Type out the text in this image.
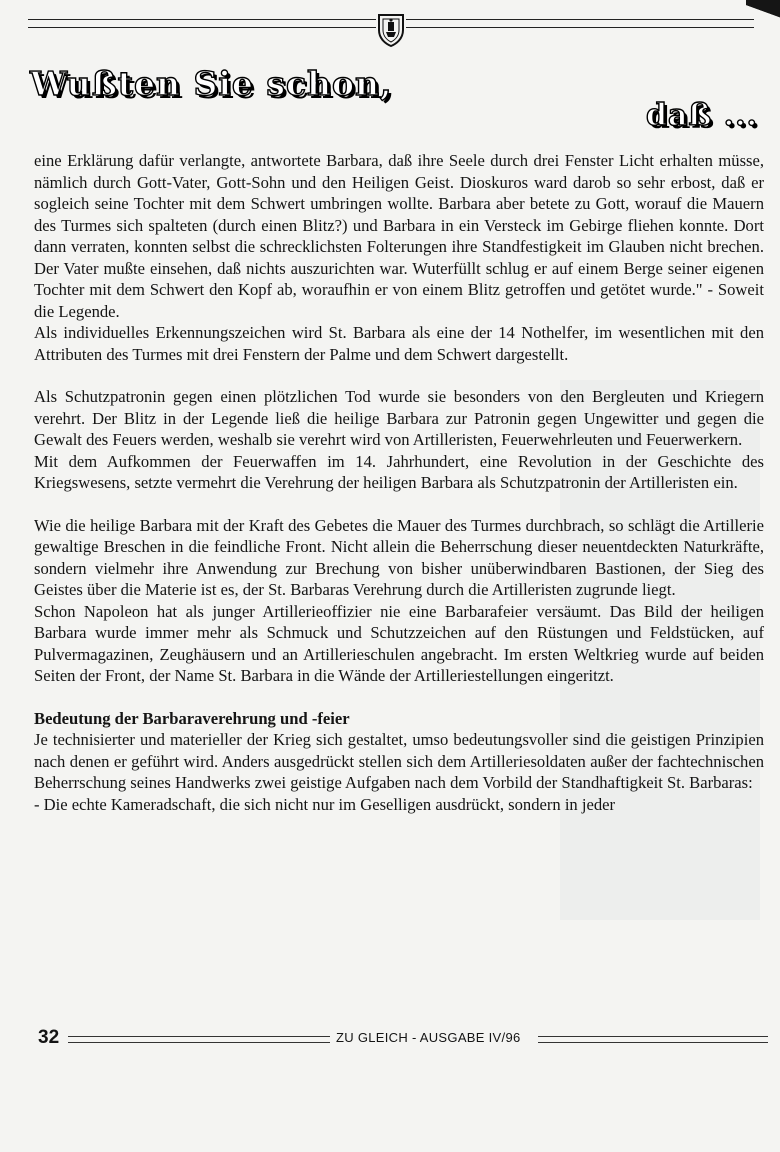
Wußten Sie schon,
daß ...

eine Erklärung dafür verlangte, antwortete Barbara, daß ihre Seele durch drei Fenster Licht erhalten müsse, nämlich durch Gott-Vater, Gott-Sohn und den Heiligen Geist. Dioskuros ward darob so sehr erbost, daß er sogleich seine Tochter mit dem Schwert umbringen wollte. Barbara aber betete zu Gott, worauf die Mauern des Turmes sich spalteten (durch einen Blitz?) und Barbara in ein Versteck im Gebirge fliehen konnte. Dort dann verraten, konnten selbst die schrecklichsten Folterungen ihre Standfestigkeit im Glauben nicht brechen. Der Vater mußte einsehen, daß nichts auszurichten war. Wuterfüllt schlug er auf einem Berge seiner eigenen Tochter mit dem Schwert den Kopf ab, woraufhin er von einem Blitz getroffen und getötet wurde." - Soweit die Legende.

Als individuelles Erkennungszeichen wird St. Barbara als eine der 14 Nothelfer, im wesentlichen mit den Attributen des Turmes mit drei Fenstern der Palme und dem Schwert dargestellt.

Als Schutzpatronin gegen einen plötzlichen Tod wurde sie besonders von den Bergleuten und Kriegern verehrt. Der Blitz in der Legende ließ die heilige Barbara zur Patronin gegen Ungewitter und gegen die Gewalt des Feuers werden, weshalb sie verehrt wird von Artilleristen, Feuerwehrleuten und Feuerwerkern.

Mit dem Aufkommen der Feuerwaffen im 14. Jahrhundert, eine Revolution in der Geschichte des Kriegswesens, setzte vermehrt die Verehrung der heiligen Barbara als Schutzpatronin der Artilleristen ein.

Wie die heilige Barbara mit der Kraft des Gebetes die Mauer des Turmes durchbrach, so schlägt die Artillerie gewaltige Breschen in die feindliche Front. Nicht allein die Beherrschung dieser neuentdeckten Naturkräfte, sondern vielmehr ihre Anwendung zur Brechung von bisher unüberwindbaren Bastionen, der Sieg des Geistes über die Materie ist es, der St. Barbaras Verehrung durch die Artilleristen zugrunde liegt.

Schon Napoleon hat als junger Artillerieoffizier nie eine Barbarafeier versäumt. Das Bild der heiligen Barbara wurde immer mehr als Schmuck und Schutzzeichen auf den Rüstungen und Feldstücken, auf Pulvermagazinen, Zeughäusern und an Artillerieschulen angebracht. Im ersten Weltkrieg wurde auf beiden Seiten der Front, der Name St. Barbara in die Wände der Artilleriestellungen eingeritzt.

Bedeutung der Barbaraverehrung und -feier

Je technisierter und materieller der Krieg sich gestaltet, umso bedeutungsvoller sind die geistigen Prinzipien nach denen er geführt wird. Anders ausgedrückt stellen sich dem Artilleriesoldaten außer der fachtechnischen Beherrschung seines Handwerks zwei geistige Aufgaben nach dem Vorbild der Standhaftigkeit St. Barbaras:

- Die echte Kameradschaft, die sich nicht nur im Geselligen ausdrückt, sondern in jeder

32	ZU GLEICH - AUSGABE IV/96
